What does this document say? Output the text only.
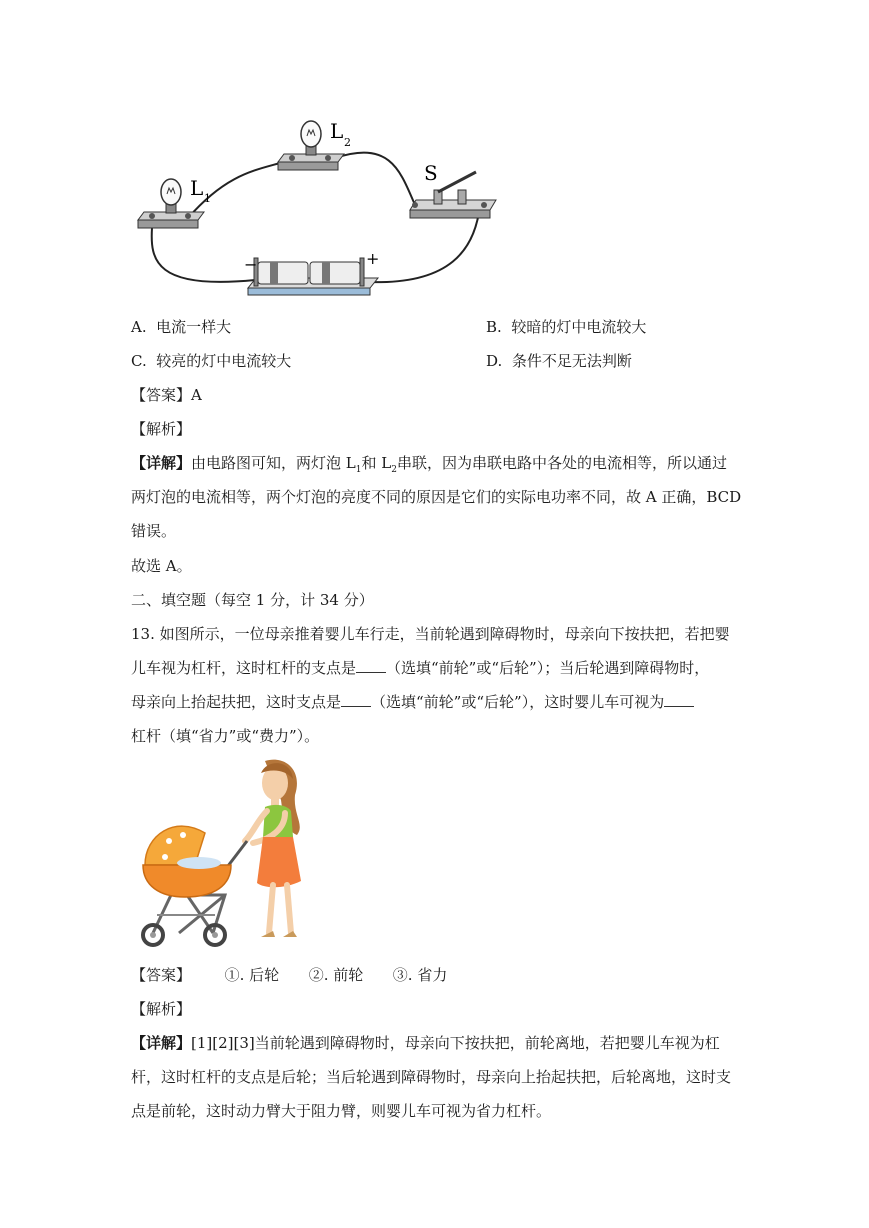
L 1
L 2
S
−	+
A. 电流一样大	B. 较暗的灯中电流较大
C. 较亮的灯中电流较大	D. 条件不足无法判断
【答案】A
【解析】
【详解】由电路图可知，两灯泡 $L_1$和 $L_2$串联，因为串联电路中各处的电流相等，所以通过
两灯泡的电流相等，两个灯泡的亮度不同的原因是它们的实际电功率不同，故 A 正确，BCD
错误。
故选 A。
二、填空题（每空 1 分，计 34 分）
13. 如图所示，一位母亲推着婴儿车行走，当前轮遇到障碍物时，母亲向下按扶把，若把婴
儿车视为杠杆，这时杠杆的支点是 （选填“前轮”或“后轮”）；当后轮遇到障碍物时，
母亲向上抬起扶把，这时支点是 （选填“前轮”或“后轮”），这时婴儿车可视为
杠杆（填“省力”或“费力”）。
【答案】 ①. 后轮 ②. 前轮 ③. 省力
【解析】
【详解】[1][2][3]当前轮遇到障碍物时，母亲向下按扶把，前轮离地，若把婴儿车视为杠
杆，这时杠杆的支点是后轮；当后轮遇到障碍物时，母亲向上抬起扶把，后轮离地，这时支
点是前轮，这时动力臂大于阻力臂，则婴儿车可视为省力杠杆。
